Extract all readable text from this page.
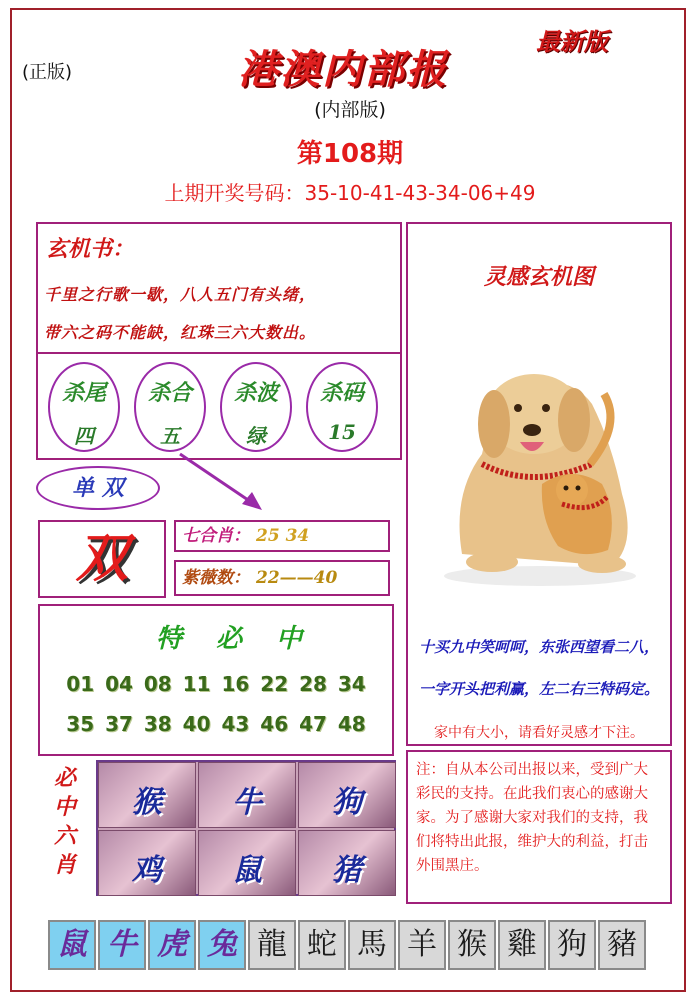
(正版)	港澳内部报
最新版
(内部版)
第108期
上期开奖号码：35-10-41-43-34-06+49
玄机书：
千里之行歌一歇，八人五门有头绪，
带六之码不能缺，红珠三六大数出。
杀尾
四
杀合
五
杀波
绿
杀码
15
单 双
双	七合肖： 25 34
紫薇数： 22——40
特必中
01 04 08 11 16 22 28 34
35 37 38 40 43 46 47 48
必
中
六
肖
猴	牛	狗
鸡	鼠	猪
灵感玄机图
十买九中笑呵呵，东张西望看二八，
一字开头把利赢，左二右三特码定。
家中有大小，请看好灵感才下注。
注：自从本公司出报以来，受到广大彩民的支持。在此我们衷心的感谢大家。为了感谢大家对我们的支持，我们将特出此报，维护大的利益，打击外围黑庄。
鼠 牛 虎 兔 龍 蛇 馬 羊 猴 雞 狗 豬
